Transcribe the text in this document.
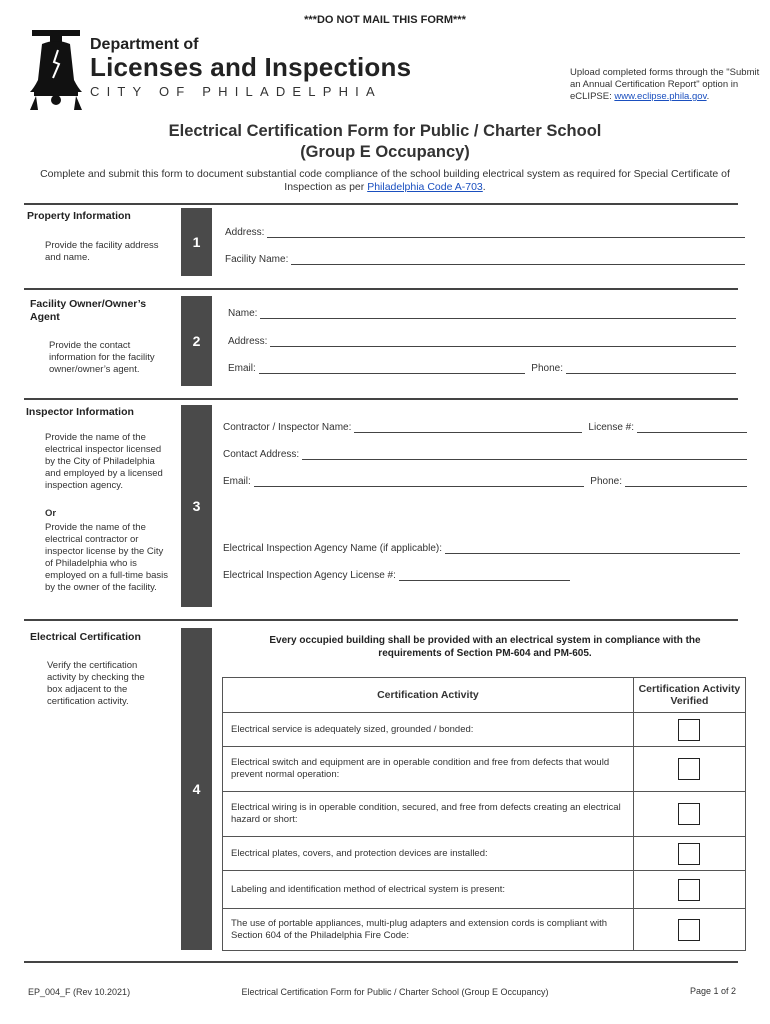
***DO NOT MAIL THIS FORM***
Department of
Licenses and Inspections
CITY OF PHILADELPHIA
Upload completed forms through the "Submit an Annual Certification Report" option in eCLIPSE: www.eclipse.phila.gov.
Electrical Certification Form for Public / Charter School
(Group E Occupancy)
Complete and submit this form to document substantial code compliance of the school building electrical system as required for Special Certificate of Inspection as per Philadelphia Code A-703.
Property Information
Provide the facility address and name.
1
Address:
Facility Name:
Facility Owner/Owner’s Agent
Provide the contact information for the facility owner/owner’s agent.
2
Name:
Address:
Email:	Phone:
Inspector Information
Provide the name of the electrical inspector licensed by the City of Philadelphia and employed by a licensed inspection agency.
Or
Provide the name of the electrical contractor or inspector license by the City of Philadelphia who is employed on a full-time basis by the owner of the facility.
3
Contractor / Inspector Name:	License #:
Contact Address:
Email:	Phone:
Electrical Inspection Agency Name (if applicable):
Electrical Inspection Agency License #:
Electrical Certification
Verify the certification activity by checking the box adjacent to the certification activity.
4
Every occupied building shall be provided with an electrical system in compliance with the requirements of Section PM-604 and PM-605.
Certification Activity	Certification Activity Verified
Electrical service is adequately sized, grounded / bonded:	

Electrical switch and equipment are in operable condition and free from defects that would prevent normal operation:	

Electrical wiring is in operable condition, secured, and free from defects creating an electrical hazard or short:	

Electrical plates, covers, and protection devices are installed:	

Labeling and identification method of electrical system is present:	

The use of portable appliances, multi-plug adapters and extension cords is compliant with Section 604 of the Philadelphia Fire Code:	
EP_004_F (Rev 10.2021)	Electrical Certification Form for Public / Charter School (Group E Occupancy)	Page 1 of 2
